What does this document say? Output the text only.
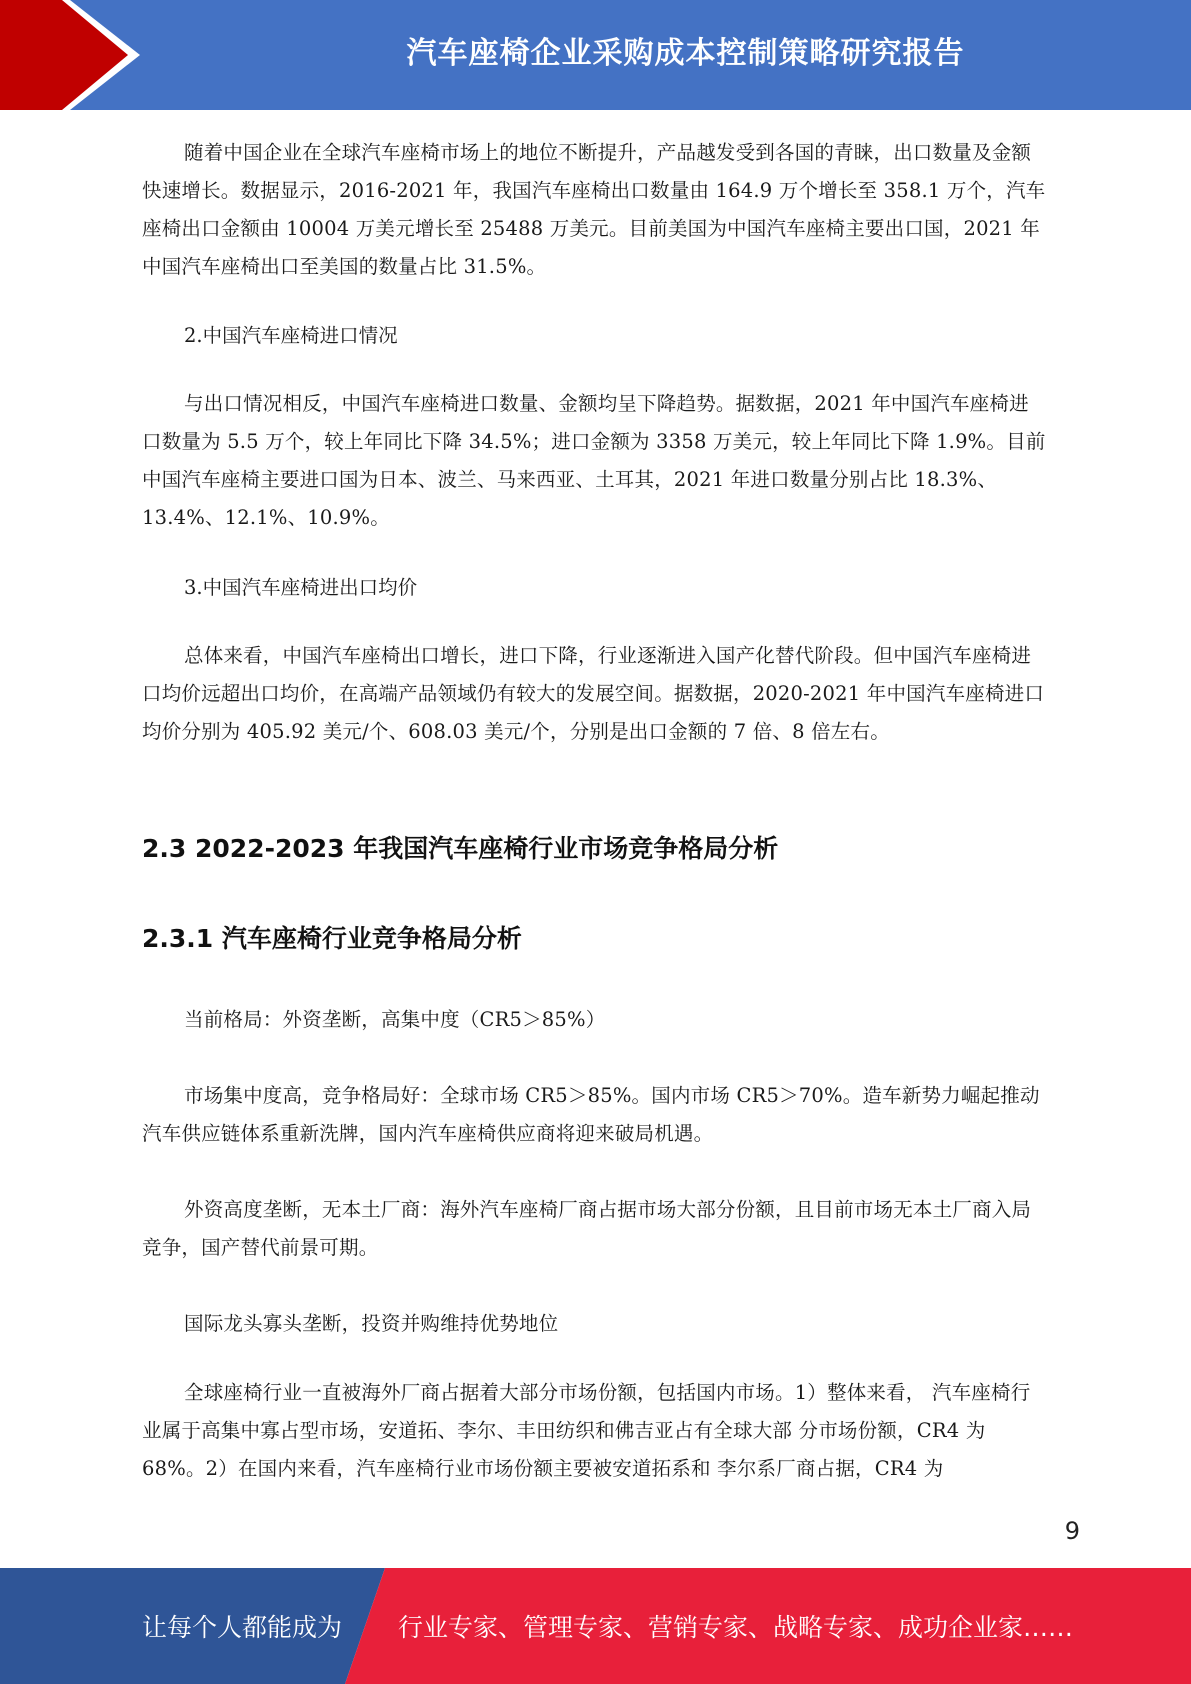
汽车座椅企业采购成本控制策略研究报告
随着中国企业在全球汽车座椅市场上的地位不断提升，产品越发受到各国的青睐，出口数量及金额快速增长。数据显示，2016-2021 年，我国汽车座椅出口数量由 164.9 万个增长至 358.1 万个，汽车座椅出口金额由 10004 万美元增长至 25488 万美元。目前美国为中国汽车座椅主要出口国，2021 年中国汽车座椅出口至美国的数量占比 31.5%。
2.中国汽车座椅进口情况
与出口情况相反，中国汽车座椅进口数量、金额均呈下降趋势。据数据，2021 年中国汽车座椅进口数量为 5.5 万个，较上年同比下降 34.5%；进口金额为 3358 万美元，较上年同比下降 1.9%。目前中国汽车座椅主要进口国为日本、波兰、马来西亚、土耳其，2021 年进口数量分别占比 18.3%、13.4%、12.1%、10.9%。
3.中国汽车座椅进出口均价
总体来看，中国汽车座椅出口增长，进口下降，行业逐渐进入国产化替代阶段。但中国汽车座椅进口均价远超出口均价，在高端产品领域仍有较大的发展空间。据数据，2020-2021 年中国汽车座椅进口均价分别为 405.92 美元/个、608.03 美元/个，分别是出口金额的 7 倍、8 倍左右。
2.3 2022-2023 年我国汽车座椅行业市场竞争格局分析
2.3.1 汽车座椅行业竞争格局分析
当前格局：外资垄断，高集中度（CR5＞85%）
市场集中度高，竞争格局好：全球市场 CR5＞85%。国内市场 CR5＞70%。造车新势力崛起推动汽车供应链体系重新洗牌，国内汽车座椅供应商将迎来破局机遇。
外资高度垄断，无本土厂商：海外汽车座椅厂商占据市场大部分份额，且目前市场无本土厂商入局竞争，国产替代前景可期。
国际龙头寡头垄断，投资并购维持优势地位
全球座椅行业一直被海外厂商占据着大部分市场份额，包括国内市场。1）整体来看， 汽车座椅行业属于高集中寡占型市场，安道拓、李尔、丰田纺织和佛吉亚占有全球大部 分市场份额，CR4 为 68%。2）在国内来看，汽车座椅行业市场份额主要被安道拓系和 李尔系厂商占据，CR4 为
9
让每个人都能成为 行业专家、管理专家、营销专家、战略专家、成功企业家……
